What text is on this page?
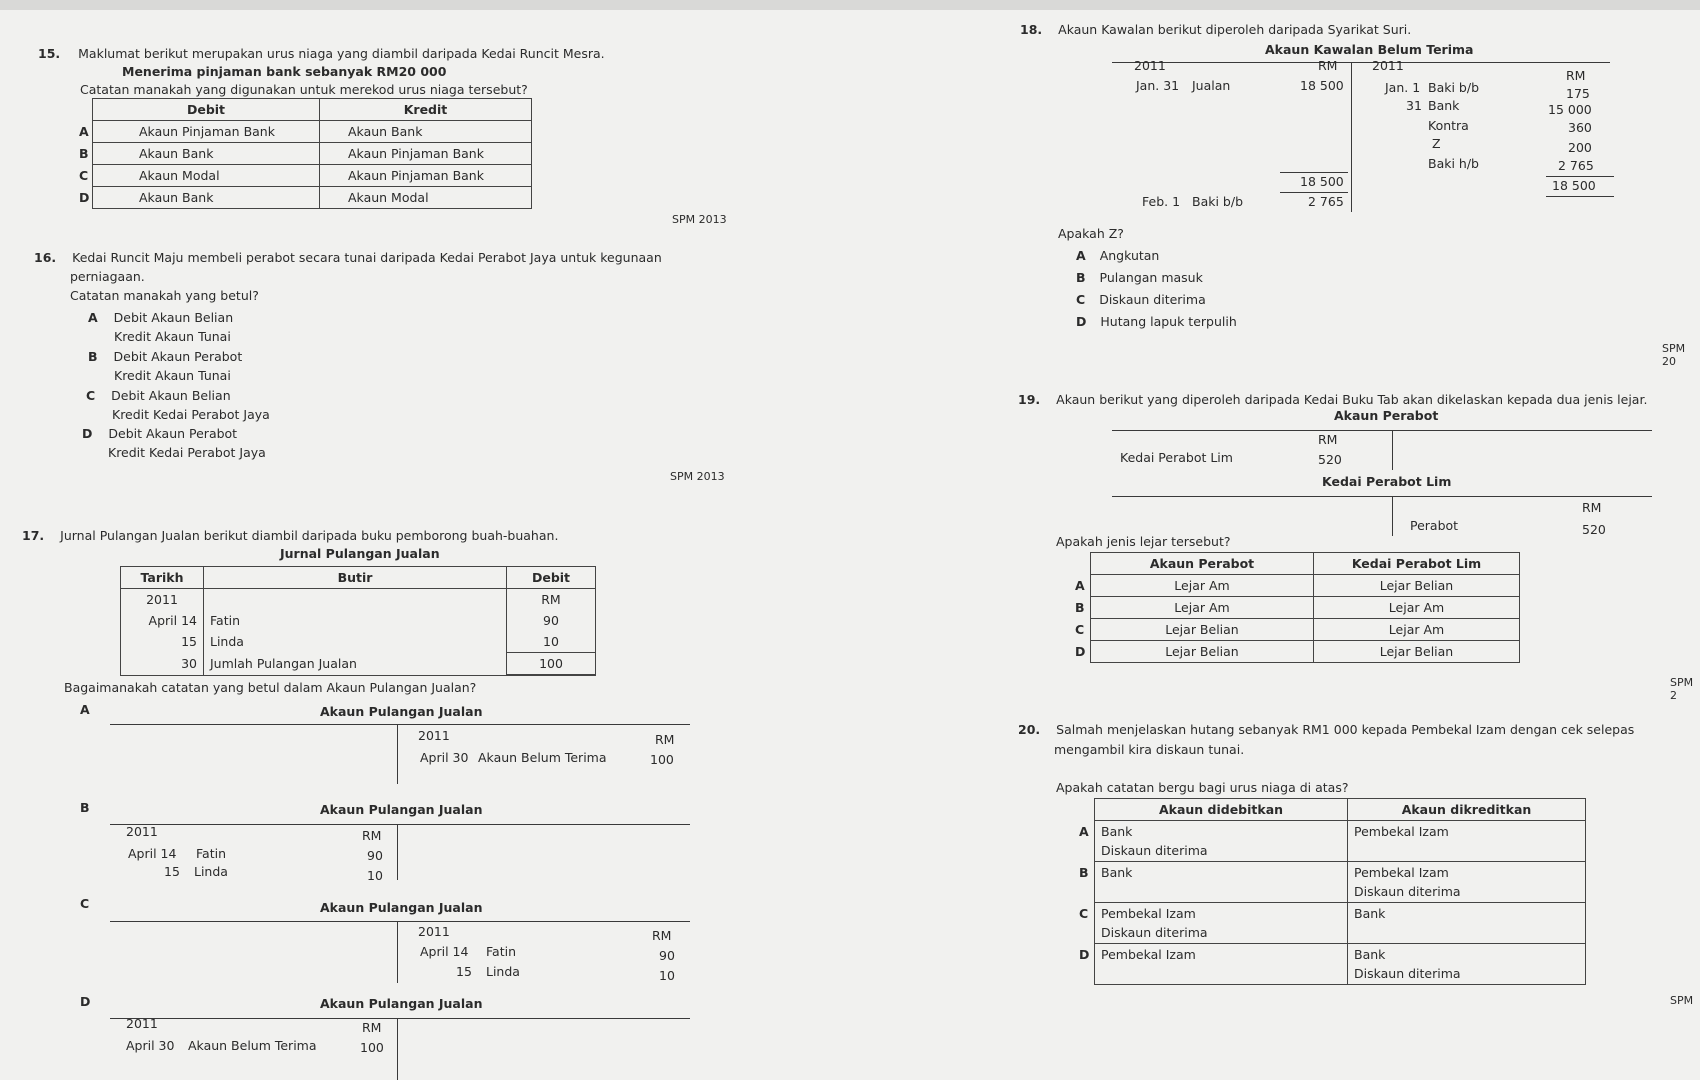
15. Maklumat berikut merupakan urus niaga yang diambil daripada Kedai Runcit Mesra.
Menerima pinjaman bank sebanyak RM20 000
Catatan manakah yang digunakan untuk merekod urus niaga tersebut?
Debit	Kredit

A Akaun Pinjaman Bank	Akaun Bank

B Akaun Bank	Akaun Pinjaman Bank

C Akaun Modal	Akaun Pinjaman Bank

D Akaun Bank	Akaun Modal
SPM 2013
16. Kedai Runcit Maju membeli perabot secara tunai daripada Kedai Perabot Jaya untuk kegunaan
perniagaan.
Catatan manakah yang betul?
A Debit Akaun Belian
Kredit Akaun Tunai
B Debit Akaun Perabot
Kredit Akaun Tunai
C Debit Akaun Belian
Kredit Kedai Perabot Jaya
D Debit Akaun Perabot
Kredit Kedai Perabot Jaya
SPM 2013
17. Jurnal Pulangan Jualan berikut diambil daripada buku pemborong buah-buahan.
Jurnal Pulangan Jualan
Tarikh	Butir	Debit
2011		RM
April 14	Fatin	90
15	Linda	10
30	Jumlah Pulangan Jualan	100
Bagaimanakah catatan yang betul dalam Akaun Pulangan Jualan?
A	Akaun Pulangan Jualan
2011	RM
April 30 Akaun Belum Terima	100
B	Akaun Pulangan Jualan
2011	RM
April 14 Fatin	90
15 Linda	10
C	Akaun Pulangan Jualan
2011	RM
April 14 Fatin	90
15 Linda	10
D	Akaun Pulangan Jualan
2011	RM
April 30 Akaun Belum Terima	100
18. Akaun Kawalan berikut diperoleh daripada Syarikat Suri.
Akaun Kawalan Belum Terima
2011	RM
Jan. 31 Jualan	18 500
18 500
Feb. 1 Baki b/b	2 765
2011
RM
Jan. 1 Baki b/b	175
31 Bank	15 000
Kontra	360
Z	200
Baki h/b	2 765
18 500
Apakah Z?
A Angkutan
B Pulangan masuk
C Diskaun diterima
D Hutang lapuk terpulih
SPM 20
19. Akaun berikut yang diperoleh daripada Kedai Buku Tab akan dikelaskan kepada dua jenis lejar.
Akaun Perabot
RM
Kedai Perabot Lim	520
Kedai Perabot Lim
RM
Perabot	520
Apakah jenis lejar tersebut?
Akaun Perabot	Kedai Perabot Lim

A Lejar Am	Lejar Belian

B Lejar Am	Lejar Am

C Lejar Belian	Lejar Am

D Lejar Belian	Lejar Belian
SPM 2
20. Salmah menjelaskan hutang sebanyak RM1 000 kepada Pembekal Izam dengan cek selepas
mengambil kira diskaun tunai.
Apakah catatan bergu bagi urus niaga di atas?
Akaun didebitkan	Akaun dikreditkan

A Bank
Diskaun diterima	Pembekal Izam

B Bank	Pembekal Izam
Diskaun diterima

C Pembekal Izam
Diskaun diterima	Bank

D Pembekal Izam	Bank
Diskaun diterima
SPM
